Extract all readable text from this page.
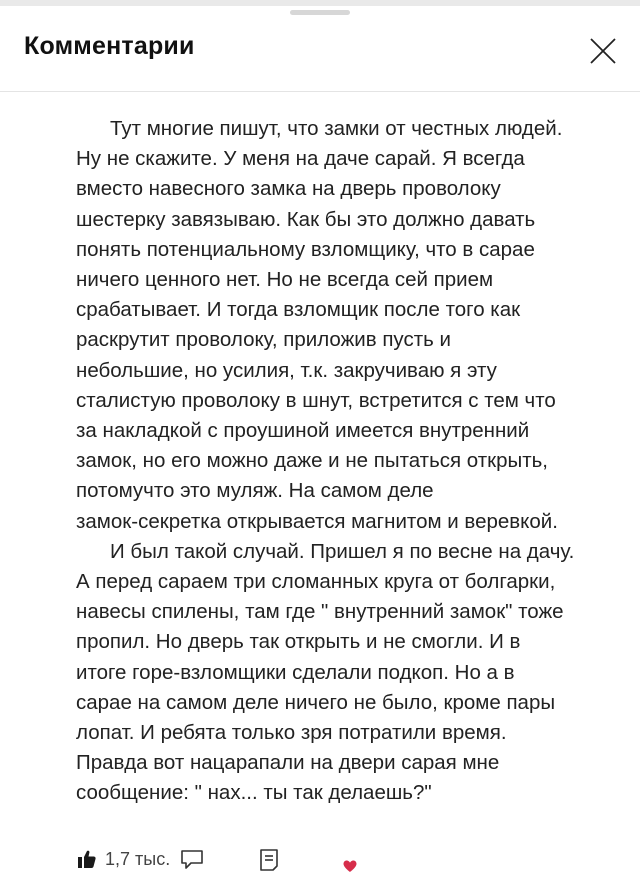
Комментарии

Тут многие пишут, что замки от честных людей.
Ну не скажите. У меня на даче сарай. Я всегда
вместо навесного замка на дверь проволоку
шестерку завязываю. Как бы это должно давать
понять потенциальному взломщику, что в сарае
ничего ценного нет. Но не всегда сей прием
срабатывает. И тогда взломщик после того как
раскрутит проволоку, приложив пусть и
небольшие, но усилия, т.к. закручиваю я эту
сталистую проволоку в шнут, встретится с тем что
за накладкой с проушиной имеется внутренний
замок, но его можно даже и не пытаться открыть,
потомучто это муляж. На самом деле
замок-секретка открывается магнитом и веревкой.

И был такой случай. Пришел я по весне на дачу.
А перед сараем три сломанных круга от болгарки,
навесы спилены, там где " внутренний замок" тоже
пропил. Но дверь так открыть и не смогли. И в
итоге горе-взломщики сделали подкоп. Но а в
сарае на самом деле ничего не было, кроме пары
лопат. И ребята только зря потратили время.
Правда вот нацарапали на двери сарая мне
сообщение: " нах... ты так делаешь?"

1,7 тыс.
